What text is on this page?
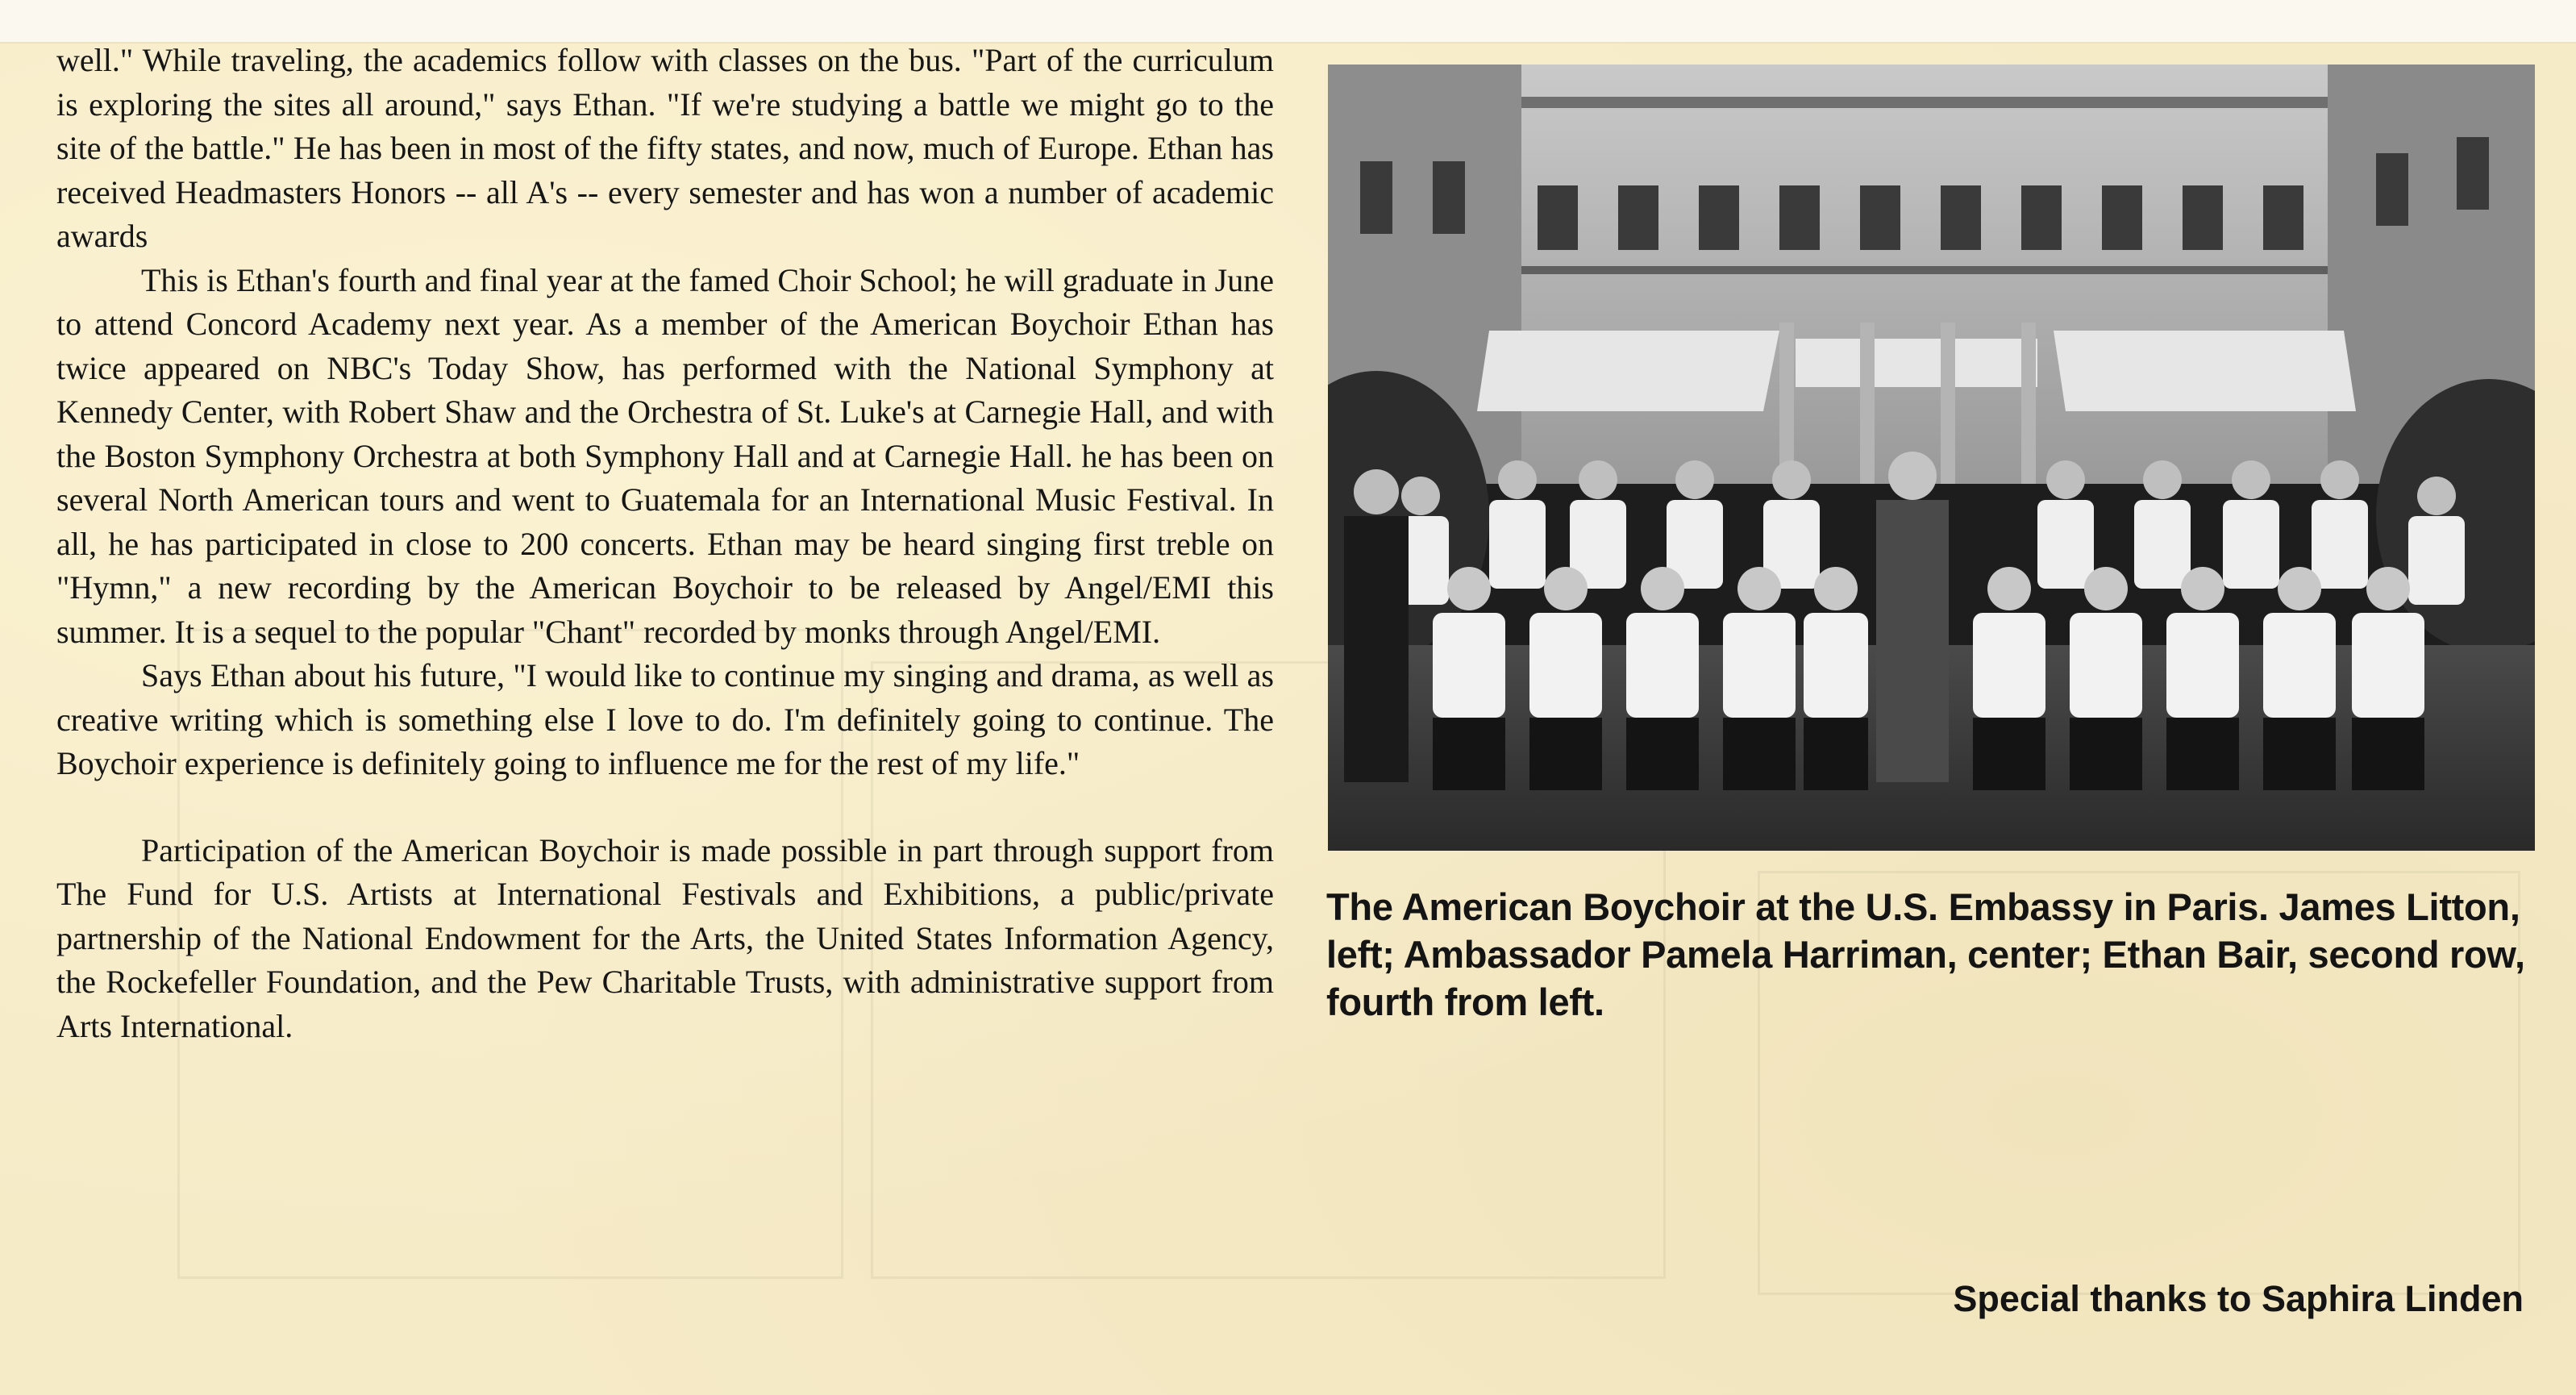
well." While traveling, the academics follow with classes on the bus. "Part of the curriculum is exploring the sites all around," says Ethan. "If we're studying a battle we might go to the site of the battle." He has been in most of the fifty states, and now, much of Europe. Ethan has received Headmasters Honors -- all A's -- every semester and has won a number of academic awards

This is Ethan's fourth and final year at the famed Choir School; he will graduate in June to attend Concord Academy next year. As a member of the American Boychoir Ethan has twice appeared on NBC's Today Show, has performed with the National Symphony at Kennedy Center, with Robert Shaw and the Orchestra of St. Luke's at Carnegie Hall, and with the Boston Symphony Orchestra at both Symphony Hall and at Carnegie Hall. he has been on several North American tours and went to Guatemala for an International Music Festival. In all, he has participated in close to 200 concerts. Ethan may be heard singing first treble on "Hymn," a new recording by the American Boychoir to be released by Angel/EMI this summer. It is a sequel to the popular "Chant" recorded by monks through Angel/EMI.

Says Ethan about his future, "I would like to continue my singing and drama, as well as creative writing which is something else I love to do. I'm definitely going to continue. The Boychoir experience is definitely going to influence me for the rest of my life."

Participation of the American Boychoir is made possible in part through support from The Fund for U.S. Artists at International Festivals and Exhibitions, a public/private partnership of the National Endowment for the Arts, the United States Information Agency, the Rockefeller Foundation, and the Pew Charitable Trusts, with administrative support from Arts International.

The American Boychoir at the U.S. Embassy in Paris. James Litton, left; Ambassador Pamela Harriman, center; Ethan Bair, second row, fourth from left.
Special thanks to Saphira Linden
